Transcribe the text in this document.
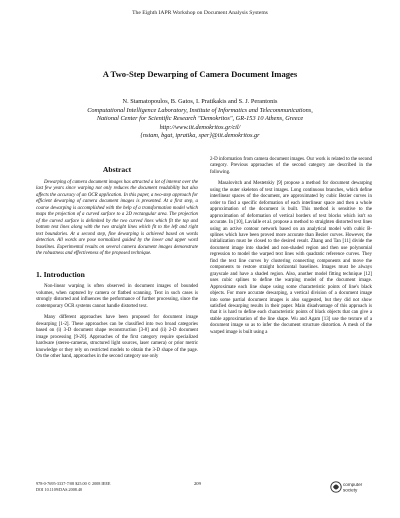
The Eighth IAPR Workshop on Document Analysis Systems
A Two-Step Dewarping of Camera Document Images
N. Stamatopoulos, B. Gatos, I. Pratikakis and S. J. Perantonis
Computational Intelligence Laboratory, Institute of Informatics and Telecommunications,
National Center for Scientific Research "Demokritos", GR-153 10 Athens, Greece
http://www.iit.demokritos.gr/cil/
{nstam, bgat, ipratika, sper}@iit.demokritos.gr
Abstract

Dewarping of camera document images has attracted a lot of interest over the last few years since warping not only reduces the document readability but also affects the accuracy of an OCR application. In this paper, a two-step approach for efficient dewarping of camera document images is presented. At a first step, a coarse dewarping is accomplished with the help of a transformation model which maps the projection of a curved surface to a 2D rectangular area. The projection of the curved surface is delimited by the two curved lines which fit the top and bottom text lines along with the two straight lines which fit to the left and right text boundaries. At a second step, fine dewarping is achieved based on words detection. All words are pose normalized guided by the lower and upper word baselines. Experimental results on several camera document images demonstrate the robustness and effectiveness of the proposed technique.

1. Introduction

Non-linear warping is often observed in document images of bounded volumes, when captured by camera or flatbed scanning. Text in such cases is strongly distorted and influences the performance of further processing, since the contemporary OCR systems cannot handle distorted text.

Many different approaches have been proposed for document image dewarping [1-2]. These approaches can be classified into two broad categories based on (i) 3-D document shape reconstruction [3-8] and (ii) 2-D document image processing [9-20]. Approaches of the first category require specialized hardware (stereo-cameras, structured light sources, laser camera) or prior metric knowledge or they rely on restricted models to obtain the 3-D shape of the page. On the other hand, approaches in the second category use only

2-D information from camera document images. Our work is related to the second category. Previous approaches of the second category are described in the following.

Masalovitch and Mestetskiy [9] propose a method for document dewarping using the outer skeleton of text images. Long continuous branches, which define interlinear spaces of the document, are approximated by cubic Bezier curves in order to find a specific deformation of each interlinear space and then a whole approximation of the document is built. This method is sensitive to the approximation of deformation of vertical borders of text blocks which isn't so accurate. In [10], Lavialle et al. propose a method to straighten distorted text lines using an active contour network based on an analytical model with cubic B-splines which have been proved more accurate than Bezier curves. However, the initialization must be closed to the desired result. Zhang and Tan [11] divide the document image into shaded and non-shaded region and then use polynomial regression to model the warped text lines with quadratic reference curves. They find the text line curves by clustering connecting components and move the components to restore straight horizontal baselines. Images must be always grayscale and have a shaded region. Also, another model fitting technique [12] uses cubic splines to define the warping model of the document image. Approximate each line shape using some characteristic points of line's black objects. For more accurate dewarping, a vertical division of a document image into some partial document images is also suggested, but they did not show satisfied dewarping results in their paper. Main disadvantage of this approach is that it is hard to define each characteristic points of black objects that can give a stable approximation of the line shape. Wu and Agam [13] use the texture of a document image so as to infer the document structure distortion. A mesh of the warped image is built using a

978-0-7695-3337-7/08 $25.00 © 2008 IEEE
DOI 10.1109/DAS.2008.40
209	computer
society
